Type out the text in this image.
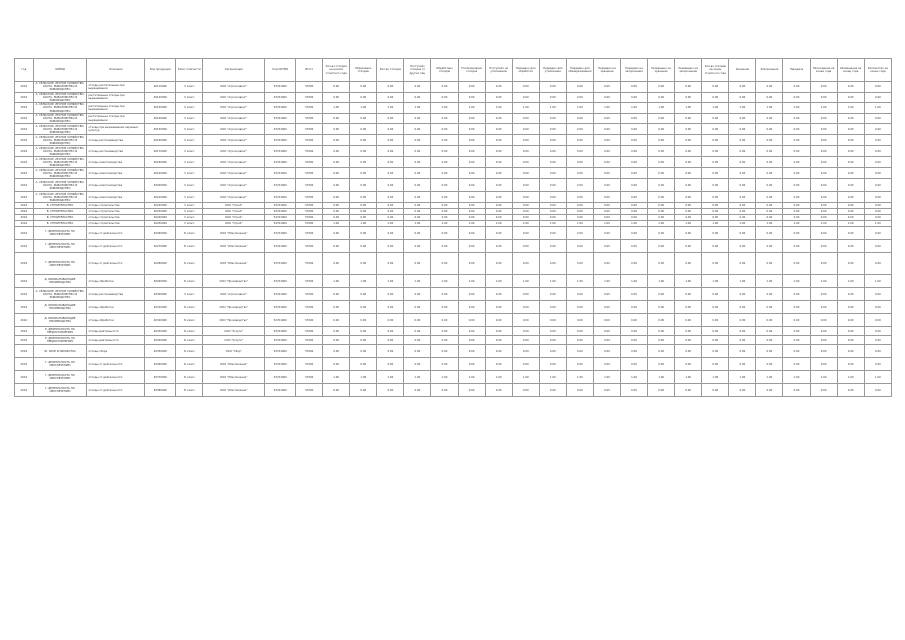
Год	ОКВЭД	Описание	Код продукции	Класс опасности	Организация	Код ОКТМО	Итого	Кол-во отходов на начало отчетного года	Образовано отходов	Кол-во отходов	Поступило отходов от других лиц	Обработано отходов	Утилизировано отходов	Поступило на утилизацию	Передано для обработки	Передано для утилизации	Передано для обезвреживания	Передано на хранение	Передано на захоронение	Размещено на хранение	Размещено на захоронение	Кол-во отходов на конец отчетного года	Хранение	Захоронение	Передача	Нахождение на конец года	Размещение на конец года	Количество на конец года
2016	А. СЕЛЬСКОЕ, ЛЕСНОЕ ХОЗЯЙСТВО, ОХОТА, РЫБОЛОВСТВО И РЫБОВОДСТВО	отходы растительные при выращивании	40110000	V класс	ООО "Агрохолдинг"	54701000	57000	0.00	0.00	0.00	0.00	0.00	0.00	0.00	0.00	0.00	0.00	0.00	0.00	0.00	0.00	0.00	0.00	0.00	0.00	0.00	0.00	0.00
2016	А. СЕЛЬСКОЕ, ЛЕСНОЕ ХОЗЯЙСТВО, ОХОТА, РЫБОЛОВСТВО И РЫБОВОДСТВО	растительные отходы при выращивании	40120000	V класс	ООО "Агрохолдинг"	54701000	57000	0.00	0.00	0.00	0.00	0.00	0.00	0.00	0.00	0.00	0.00	0.00	0.00	0.00	0.00	0.00	0.00	0.00	0.00	0.00	0.00	0.00
2016	А. СЕЛЬСКОЕ, ЛЕСНОЕ ХОЗЯЙСТВО, ОХОТА, РЫБОЛОВСТВО И РЫБОВОДСТВО	растительные отходы при выращивании	40130000	V класс	ООО "Агрохолдинг"	54701000	57000	1.00	1.00	1.00	1.00	1.00	1.00	1.00	1.00	1.00	1.00	1.00	1.00	1.00	1.00	1.00	1.00	1.00	1.00	1.00	1.00	1.00
2016	А. СЕЛЬСКОЕ, ЛЕСНОЕ ХОЗЯЙСТВО, ОХОТА, РЫБОЛОВСТВО И РЫБОВОДСТВО	растительные отходы при выращивании	40140000	V класс	ООО "Агрохолдинг"	54701000	57000	0.00	0.00	0.00	0.00	0.00	0.00	0.00	0.00	0.00	0.00	0.00	0.00	0.00	0.00	0.00	0.00	0.00	0.00	0.00	0.00	0.00
2016	А. СЕЛЬСКОЕ, ЛЕСНОЕ ХОЗЯЙСТВО, ОХОТА, РЫБОЛОВСТВО И РЫБОВОДСТВО	отходы при выращивании зерновых культур	40150000	V класс	ООО "Агрохолдинг"	54701000	57000	0.00	0.00	0.00	0.00	0.00	0.00	0.00	0.00	0.00	0.00	0.00	0.00	0.00	0.00	0.00	0.00	0.00	0.00	0.00	0.00	0.00
2016	А. СЕЛЬСКОЕ, ЛЕСНОЕ ХОЗЯЙСТВО, ОХОТА, РЫБОЛОВСТВО И РЫБОВОДСТВО	отходы растениеводства	40160000	V класс	ООО "Агрохолдинг"	54701000	57000	0.00	0.00	0.00	0.00	0.00	0.00	0.00	0.00	0.00	0.00	0.00	0.00	0.00	0.00	0.00	0.00	0.00	0.00	0.00	0.00	0.00
2016	А. СЕЛЬСКОЕ, ЛЕСНОЕ ХОЗЯЙСТВО, ОХОТА, РЫБОЛОВСТВО И РЫБОВОДСТВО	отходы растениеводства	40170000	V класс	ООО "Агрохолдинг"	54701000	57000	0.00	0.00	0.00	0.00	0.00	0.00	0.00	0.00	0.00	0.00	0.00	0.00	0.00	0.00	0.00	0.00	0.00	0.00	0.00	0.00	0.00
2016	А. СЕЛЬСКОЕ, ЛЕСНОЕ ХОЗЯЙСТВО, ОХОТА, РЫБОЛОВСТВО И РЫБОВОДСТВО	отходы животноводства	40180000	V класс	ООО "Агрохолдинг"	54701000	57000	0.00	0.00	0.00	0.00	0.00	0.00	0.00	0.00	0.00	0.00	0.00	0.00	0.00	0.00	0.00	0.00	0.00	0.00	0.00	0.00	0.00
2016	А. СЕЛЬСКОЕ, ЛЕСНОЕ ХОЗЯЙСТВО, ОХОТА, РЫБОЛОВСТВО И РЫБОВОДСТВО	отходы животноводства	40190000	V класс	ООО "Агрохолдинг"	54701000	57000	0.00	0.00	0.00	0.00	0.00	0.00	0.00	0.00	0.00	0.00	0.00	0.00	0.00	0.00	0.00	0.00	0.00	0.00	0.00	0.00	0.00
2016	А. СЕЛЬСКОЕ, ЛЕСНОЕ ХОЗЯЙСТВО, ОХОТА, РЫБОЛОВСТВО И РЫБОВОДСТВО	отходы животноводства	40200000	V класс	ООО "Агрохолдинг"	54701000	57000	0.00	0.00	0.00	0.00	0.00	0.00	0.00	0.00	0.00	0.00	0.00	0.00	0.00	0.00	0.00	0.00	0.00	0.00	0.00	0.00	0.00
2016	А. СЕЛЬСКОЕ, ЛЕСНОЕ ХОЗЯЙСТВО, ОХОТА, РЫБОЛОВСТВО И РЫБОВОДСТВО	отходы животноводства	40210000	V класс	ООО "Агрохолдинг"	54701000	57000	0.00	0.00	0.00	0.00	0.00	0.00	0.00	0.00	0.00	0.00	0.00	0.00	0.00	0.00	0.00	0.00	0.00	0.00	0.00	0.00	0.00
2016	В. СТРОИТЕЛЬСТВО	отходы строительства	40220000	V класс	ООО "Строй"	54701000	57000	0.00	0.00	0.00	0.00	0.00	0.00	0.00	0.00	0.00	0.00	0.00	0.00	0.00	0.00	0.00	0.00	0.00	0.00	0.00	0.00	0.00
2016	В. СТРОИТЕЛЬСТВО	отходы строительства	40230000	V класс	ООО "Строй"	54701000	57000	0.00	0.00	0.00	0.00	0.00	0.00	0.00	0.00	0.00	0.00	0.00	0.00	0.00	0.00	0.00	0.00	0.00	0.00	0.00	0.00	0.00
2016	В. СТРОИТЕЛЬСТВО	отходы строительства	40240000	V класс	ООО "Строй"	54701000	57000	0.00	0.00	0.00	0.00	0.00	0.00	0.00	0.00	0.00	0.00	0.00	0.00	0.00	0.00	0.00	0.00	0.00	0.00	0.00	0.00	0.00
2016	В. СТРОИТЕЛЬСТВО	отходы строительства	40250000	V класс	ООО "Строй"	54701000	57000	1.00	1.00	1.00	1.00	1.00	1.00	1.00	1.00	1.00	1.00	1.00	1.00	1.00	1.00	1.00	1.00	1.00	1.00	1.00	1.00	1.00
2016	Г. ДЕЯТЕЛЬНОСТЬ ПО ОБЕСПЕЧЕНИЮ	отходы от деятельности	40260000	IV класс	ООО "Обеспечение"	54701000	57000	0.00	0.00	0.00	0.00	0.00	0.00	0.00	0.00	0.00	0.00	0.00	0.00	0.00	0.00	0.00	0.00	0.00	0.00	0.00	0.00	0.00
2016	Г. ДЕЯТЕЛЬНОСТЬ ПО ОБЕСПЕЧЕНИЮ	отходы от деятельности	40270000	IV класс	ООО "Обеспечение"	54701000	57000	0.00	0.00	0.00	0.00	0.00	0.00	0.00	0.00	0.00	0.00	0.00	0.00	0.00	0.00	0.00	0.00	0.00	0.00	0.00	0.00	0.00
2016	Г. ДЕЯТЕЛЬНОСТЬ ПО ОБЕСПЕЧЕНИЮ	отходы от деятельности	40280000	IV класс	ООО "Обеспечение"	54701000	57000	0.00	0.00	0.00	0.00	0.00	0.00	0.00	0.00	0.00	0.00	0.00	0.00	0.00	0.00	0.00	0.00	0.00	0.00	0.00	0.00	0.00
2016	Д. ОБРАБАТЫВАЮЩИЕ ПРОИЗВОДСТВА	отходы обработки	40290000	IV класс	ООО "Производство"	54701000	57000	1.00	1.00	1.00	1.00	1.00	1.00	1.00	1.00	1.00	1.00	1.00	1.00	1.00	1.00	1.00	1.00	1.00	1.00	1.00	1.00	1.00
2016	А. СЕЛЬСКОЕ, ЛЕСНОЕ ХОЗЯЙСТВО, ОХОТА, РЫБОЛОВСТВО И РЫБОВОДСТВО	отходы растениеводства	40300000	V класс	ООО "Агрохолдинг"	54701000	57000	0.00	0.00	0.00	0.00	0.00	0.00	0.00	0.00	0.00	0.00	0.00	0.00	0.00	0.00	0.00	0.00	0.00	0.00	0.00	0.00	0.00
2016	Д. ОБРАБАТЫВАЮЩИЕ ПРОИЗВОДСТВА	отходы обработки	40310000	IV класс	ООО "Производство"	54701000	57000	0.00	0.00	0.00	0.00	0.00	0.00	0.00	0.00	0.00	0.00	0.00	0.00	0.00	0.00	0.00	0.00	0.00	0.00	0.00	0.00	0.00
2016	Д. ОБРАБАТЫВАЮЩИЕ ПРОИЗВОДСТВА	отходы обработки	40320000	IV класс	ООО "Производство"	54701000	57000	0.00	0.00	0.00	0.00	0.00	0.00	0.00	0.00	0.00	0.00	0.00	0.00	0.00	0.00	0.00	0.00	0.00	0.00	0.00	0.00	0.00
2016	Е. ДЕЯТЕЛЬНОСТЬ ПО ПРЕДОСТАВЛЕНИЮ	отходы деятельности	40330000	IV класс	ООО "Услуги"	54701000	57000	0.00	0.00	0.00	0.00	0.00	0.00	0.00	0.00	0.00	0.00	0.00	0.00	0.00	0.00	0.00	0.00	0.00	0.00	0.00	0.00	0.00
2016	Е. ДЕЯТЕЛЬНОСТЬ ПО ПРЕДОСТАВЛЕНИЮ	отходы деятельности	40340000	IV класс	ООО "Услуги"	54701000	57000	0.00	0.00	0.00	0.00	0.00	0.00	0.00	0.00	0.00	0.00	0.00	0.00	0.00	0.00	0.00	0.00	0.00	0.00	0.00	0.00	0.00
2016	Ж. СБОР И ОБРАБОТКА	отходы сбора	40350000	IV класс	ООО "Сбор"	54701000	57000	0.00	0.00	0.00	0.00	0.00	0.00	0.00	0.00	0.00	0.00	0.00	0.00	0.00	0.00	0.00	0.00	0.00	0.00	0.00	0.00	0.00
2016	Г. ДЕЯТЕЛЬНОСТЬ ПО ОБЕСПЕЧЕНИЮ	отходы от деятельности	40360000	IV класс	ООО "Обеспечение"	54701000	57000	0.00	0.00	0.00	0.00	0.00	0.00	0.00	0.00	0.00	0.00	0.00	0.00	0.00	0.00	0.00	0.00	0.00	0.00	0.00	0.00	0.00
2016	Г. ДЕЯТЕЛЬНОСТЬ ПО ОБЕСПЕЧЕНИЮ	отходы от деятельности	40370000	IV класс	ООО "Обеспечение"	54701000	57000	1.00	1.00	1.00	1.00	1.00	1.00	1.00	1.00	1.00	1.00	1.00	1.00	1.00	1.00	1.00	1.00	1.00	1.00	1.00	1.00	1.00
2016	Г. ДЕЯТЕЛЬНОСТЬ ПО ОБЕСПЕЧЕНИЮ	отходы от деятельности	40380000	IV класс	ООО "Обеспечение"	54701000	57000	0.00	0.00	0.00	0.00	0.00	0.00	0.00	0.00	0.00	0.00	0.00	0.00	0.00	0.00	0.00	0.00	0.00	0.00	0.00	0.00	0.00
